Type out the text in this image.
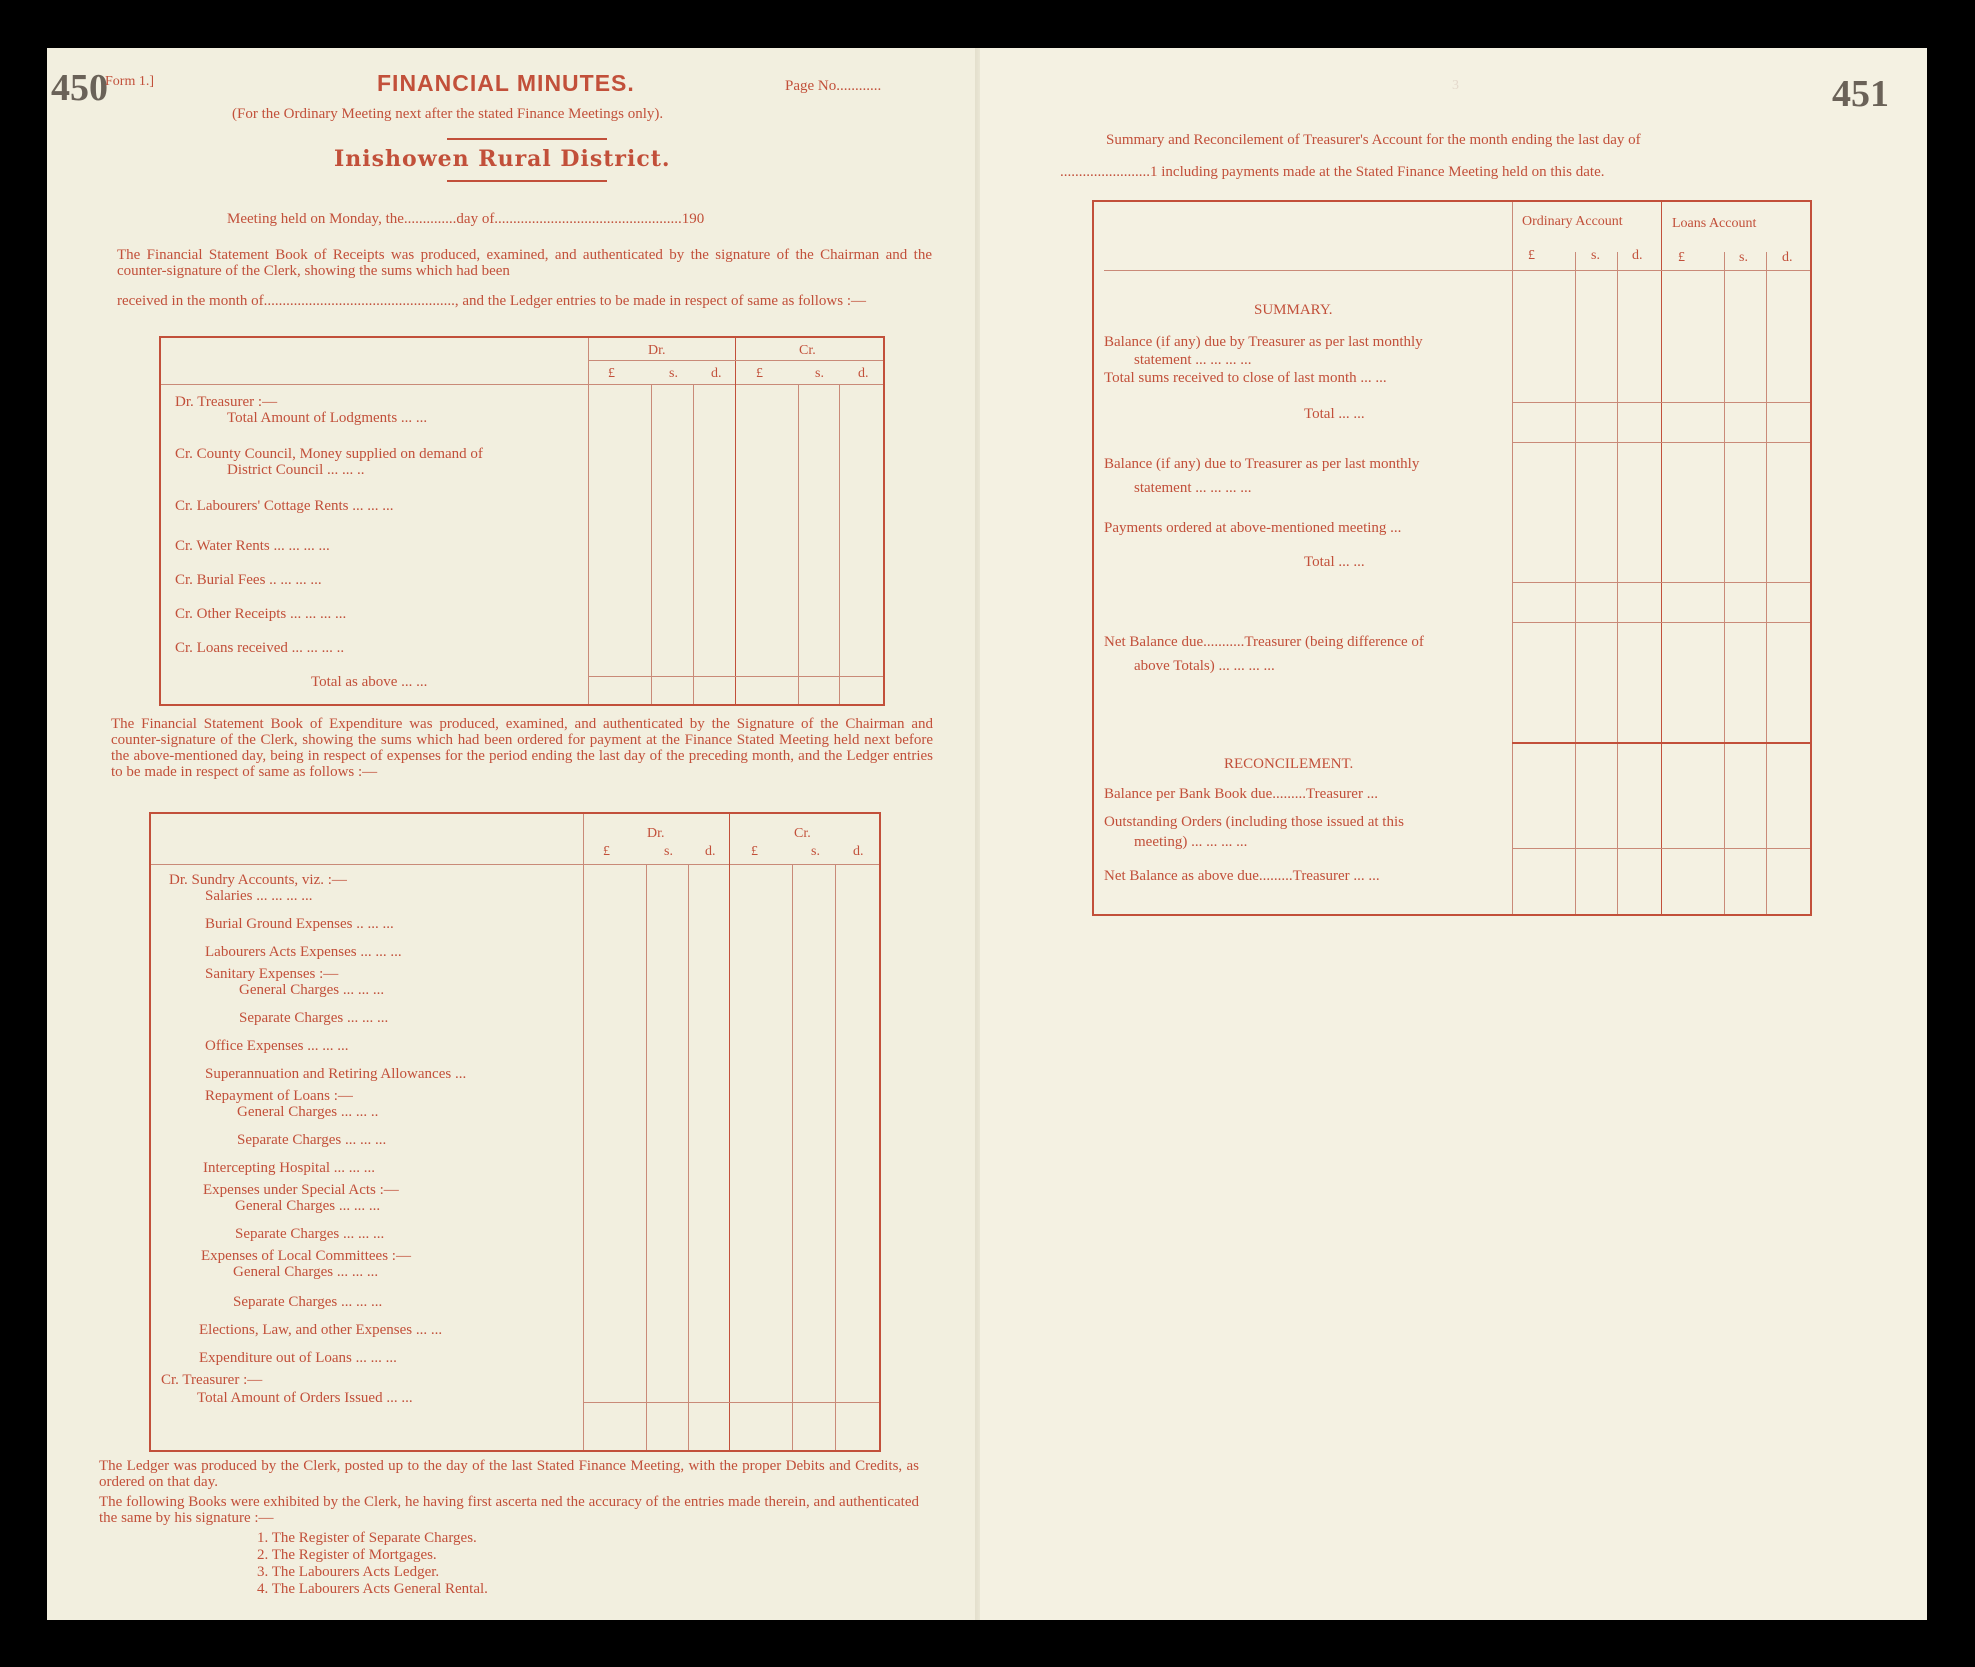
450
Form 1.]	FINANCIAL MINUTES.	Page No............
(For the Ordinary Meeting next after the stated Finance Meetings only).
Inishowen Rural District.
Meeting held on Monday, the..............day of..................................................190
The Financial Statement Book of Receipts was produced, examined, and authenticated by the signature of the Chairman and the counter-signature of the Clerk, showing the sums which had been
received in the month of..................................................., and the Ledger entries to be made in respect of same as follows :—
Dr.	Cr.
£	s. d. £	s. d.
Dr. Treasurer :—
Total Amount of Lodgments ... ...
Cr. County Council, Money supplied on demand of
District Council ... ... ..
Cr. Labourers' Cottage Rents ... ... ...
Cr. Water Rents ... ... ... ...
Cr. Burial Fees .. ... ... ...
Cr. Other Receipts ... ... ... ...
Cr. Loans received ... ... ... ..
Total as above ... ...
The Financial Statement Book of Expenditure was produced, examined, and authenticated by the Signature of the Chairman and counter-signature of the Clerk, showing the sums which had been ordered for payment at the Finance Stated Meeting held next before the above-mentioned day, being in respect of expenses for the period ending the last day of the preceding month, and the Ledger entries to be made in respect of same as follows :—
Dr.	Cr.
£	s. d.	£	s. d.
Dr. Sundry Accounts, viz. :—
Salaries ... ... ... ...
Burial Ground Expenses .. ... ...
Labourers Acts Expenses ... ... ...
Sanitary Expenses :—
General Charges ... ... ...
Separate Charges ... ... ...
Office Expenses ... ... ...
Superannuation and Retiring Allowances ...
Repayment of Loans :—
General Charges ... ... ..
Separate Charges ... ... ...
Intercepting Hospital ... ... ...
Expenses under Special Acts :—
General Charges ... ... ...
Separate Charges ... ... ...
Expenses of Local Committees :—
General Charges ... ... ...
Separate Charges ... ... ...
Elections, Law, and other Expenses ... ...
Expenditure out of Loans ... ... ...
Cr. Treasurer :—
Total Amount of Orders Issued ... ...
The Ledger was produced by the Clerk, posted up to the day of the last Stated Finance Meeting, with the proper Debits and Credits, as ordered on that day.
The following Books were exhibited by the Clerk, he having first ascerta ned the accuracy of the entries made therein, and authenticated the same by his signature :—
1. The Register of Separate Charges.
2. The Register of Mortgages.
3. The Labourers Acts Ledger.
4. The Labourers Acts General Rental.
3	451
Summary and Reconcilement of Treasurer's Account for the month ending the last day of
........................1 including payments made at the Stated Finance Meeting held on this date.
Ordinary Account	Loans Account
£	s. d.	£	s. d.
SUMMARY.
Balance (if any) due by Treasurer as per last monthly
statement ... ... ... ...
Total sums received to close of last month ... ...
Total ... ...
Balance (if any) due to Treasurer as per last monthly
statement ... ... ... ...
Payments ordered at above-mentioned meeting ...
Total ... ...
Net Balance due...........Treasurer (being difference of
above Totals) ... ... ... ...
RECONCILEMENT.
Balance per Bank Book due.........Treasurer ...
Outstanding Orders (including those issued at this
meeting) ... ... ... ...
Net Balance as above due.........Treasurer ... ...
